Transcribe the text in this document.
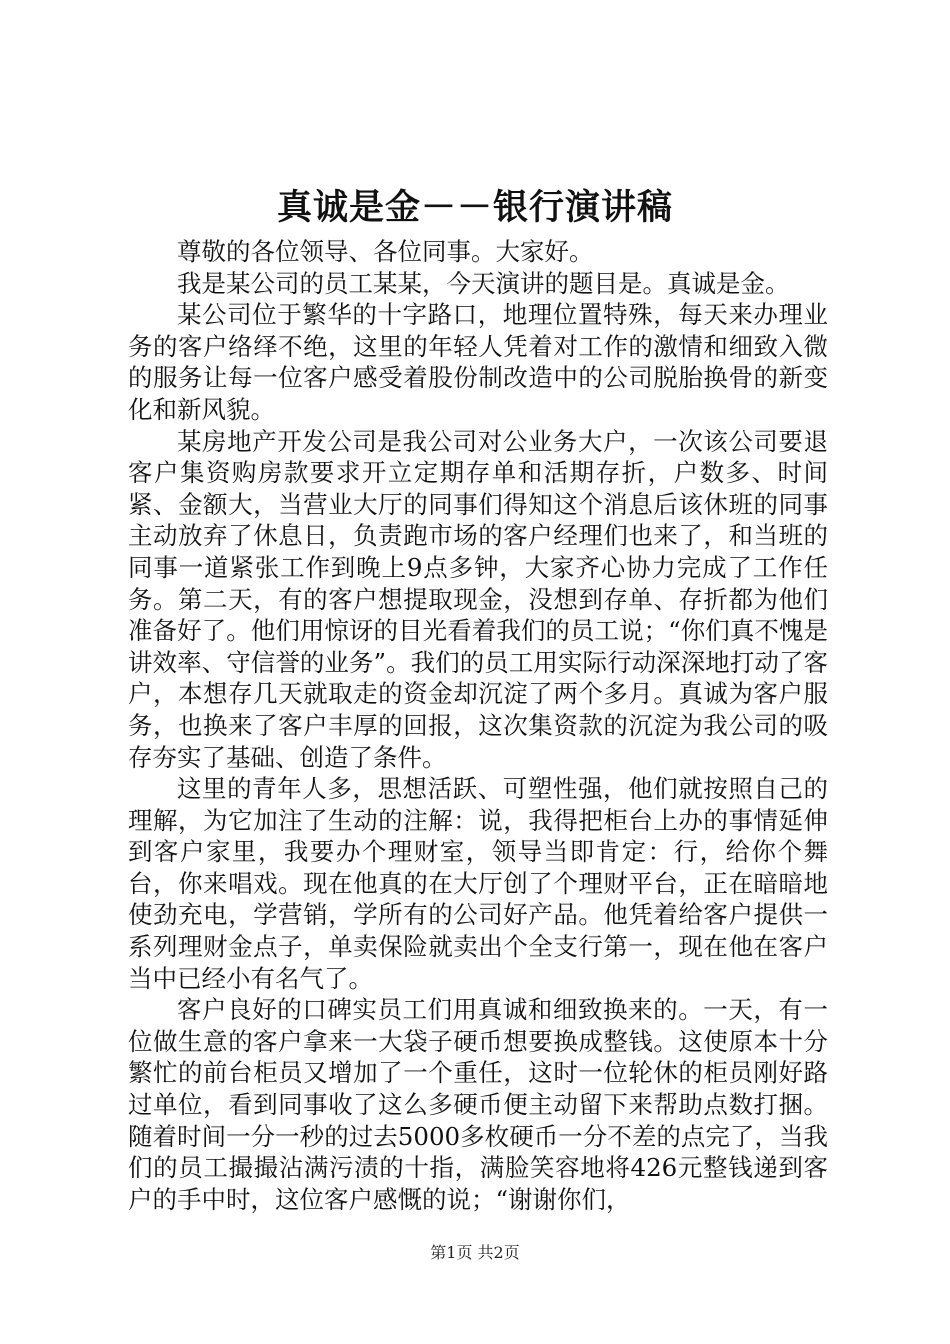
真诚是金－－银行演讲稿

尊敬的各位领导、各位同事。大家好。

我是某公司的员工某某，今天演讲的题目是。真诚是金。

某公司位于繁华的十字路口，地理位置特殊，每天来办理业务的客户络绎不绝，这里的年轻人凭着对工作的激情和细致入微的服务让每一位客户感受着股份制改造中的公司脱胎换骨的新变化和新风貌。

某房地产开发公司是我公司对公业务大户，一次该公司要退客户集资购房款要求开立定期存单和活期存折，户数多、时间紧、金额大，当营业大厅的同事们得知这个消息后该休班的同事主动放弃了休息日，负责跑市场的客户经理们也来了，和当班的同事一道紧张工作到晚上9点多钟，大家齐心协力完成了工作任务。第二天，有的客户想提取现金，没想到存单、存折都为他们准备好了。他们用惊讶的目光看着我们的员工说；“你们真不愧是讲效率、守信誉的业务”。我们的员工用实际行动深深地打动了客户，本想存几天就取走的资金却沉淀了两个多月。真诚为客户服务，也换来了客户丰厚的回报，这次集资款的沉淀为我公司的吸存夯实了基础、创造了条件。

这里的青年人多，思想活跃、可塑性强，他们就按照自己的理解，为它加注了生动的注解：说，我得把柜台上办的事情延伸到客户家里，我要办个理财室，领导当即肯定：行，给你个舞台，你来唱戏。现在他真的在大厅创了个理财平台，正在暗暗地使劲充电，学营销，学所有的公司好产品。他凭着给客户提供一系列理财金点子，单卖保险就卖出个全支行第一，现在他在客户当中已经小有名气了。

客户良好的口碑实员工们用真诚和细致换来的。一天，有一位做生意的客户拿来一大袋子硬币想要换成整钱。这使原本十分繁忙的前台柜员又增加了一个重任，这时一位轮休的柜员刚好路过单位，看到同事收了这么多硬币便主动留下来帮助点数打捆。随着时间一分一秒的过去5000多枚硬币一分不差的点完了，当我们的员工撮撮沾满污渍的十指，满脸笑容地将426元整钱递到客户的手中时，这位客户感慨的说；“谢谢你们，

第1页 共2页
